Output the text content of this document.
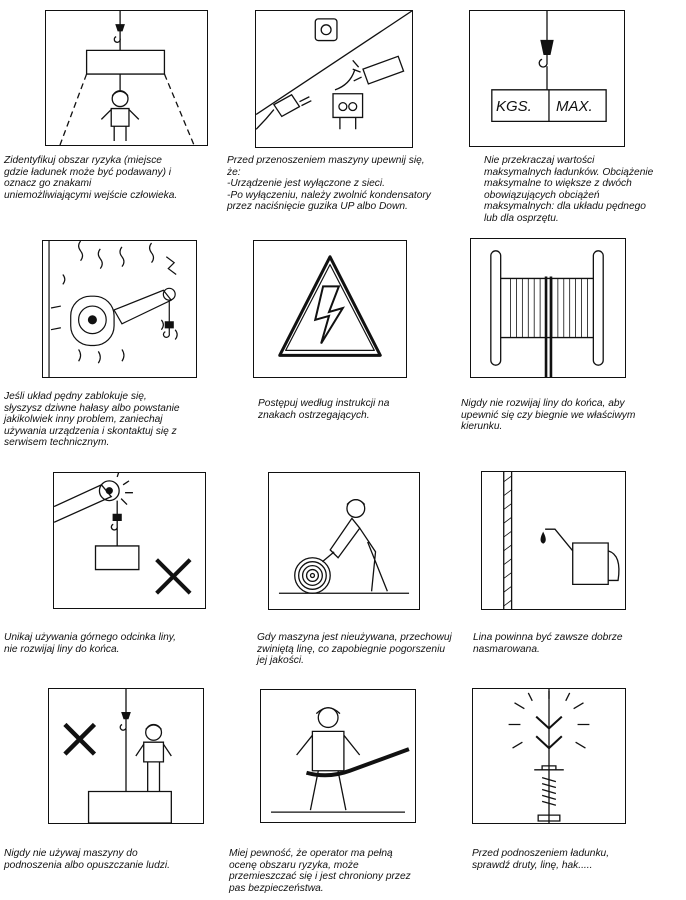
Zidentyfikuj obszar ryzyka (miejsce
gdzie ładunek może być podawany) i
oznacz go znakami
uniemożliwiającymi wejście człowieka.
Przed przenoszeniem maszyny upewnij się,
że:
-Urządzenie jest wyłączone z sieci.
-Po wyłączeniu, należy zwolnić kondensatory
przez naciśnięcie guzika UP albo Down.
KGS. MAX.
Nie przekraczaj wartości
maksymalnych ładunków. Obciążenie
maksymalne to większe z dwóch
obowiązujących obciążeń
maksymalnych: dla układu pędnego
lub dla osprzętu.
Jeśli układ pędny zablokuje się,
słyszysz dziwne hałasy albo powstanie
jakikolwiek inny problem, zaniechaj
używania urządzenia i skontaktuj się z
serwisem technicznym.
Postępuj według instrukcji na
znakach ostrzegających.
Nigdy nie rozwijaj liny do końca, aby
upewnić się czy biegnie we właściwym
kierunku.
Unikaj używania górnego odcinka liny,
nie rozwijaj liny do końca.
Gdy maszyna jest nieużywana, przechowuj
zwiniętą linę, co zapobiegnie pogorszeniu
jej jakości.
Lina powinna być zawsze dobrze
nasmarowana.
Nigdy nie używaj maszyny do
podnoszenia albo opuszczanie ludzi.
Miej pewność, że operator ma pełną
ocenę obszaru ryzyka, może
przemieszczać się i jest chroniony przez
pas bezpieczeństwa.
Przed podnoszeniem ładunku,
sprawdź druty, linę, hak.....
